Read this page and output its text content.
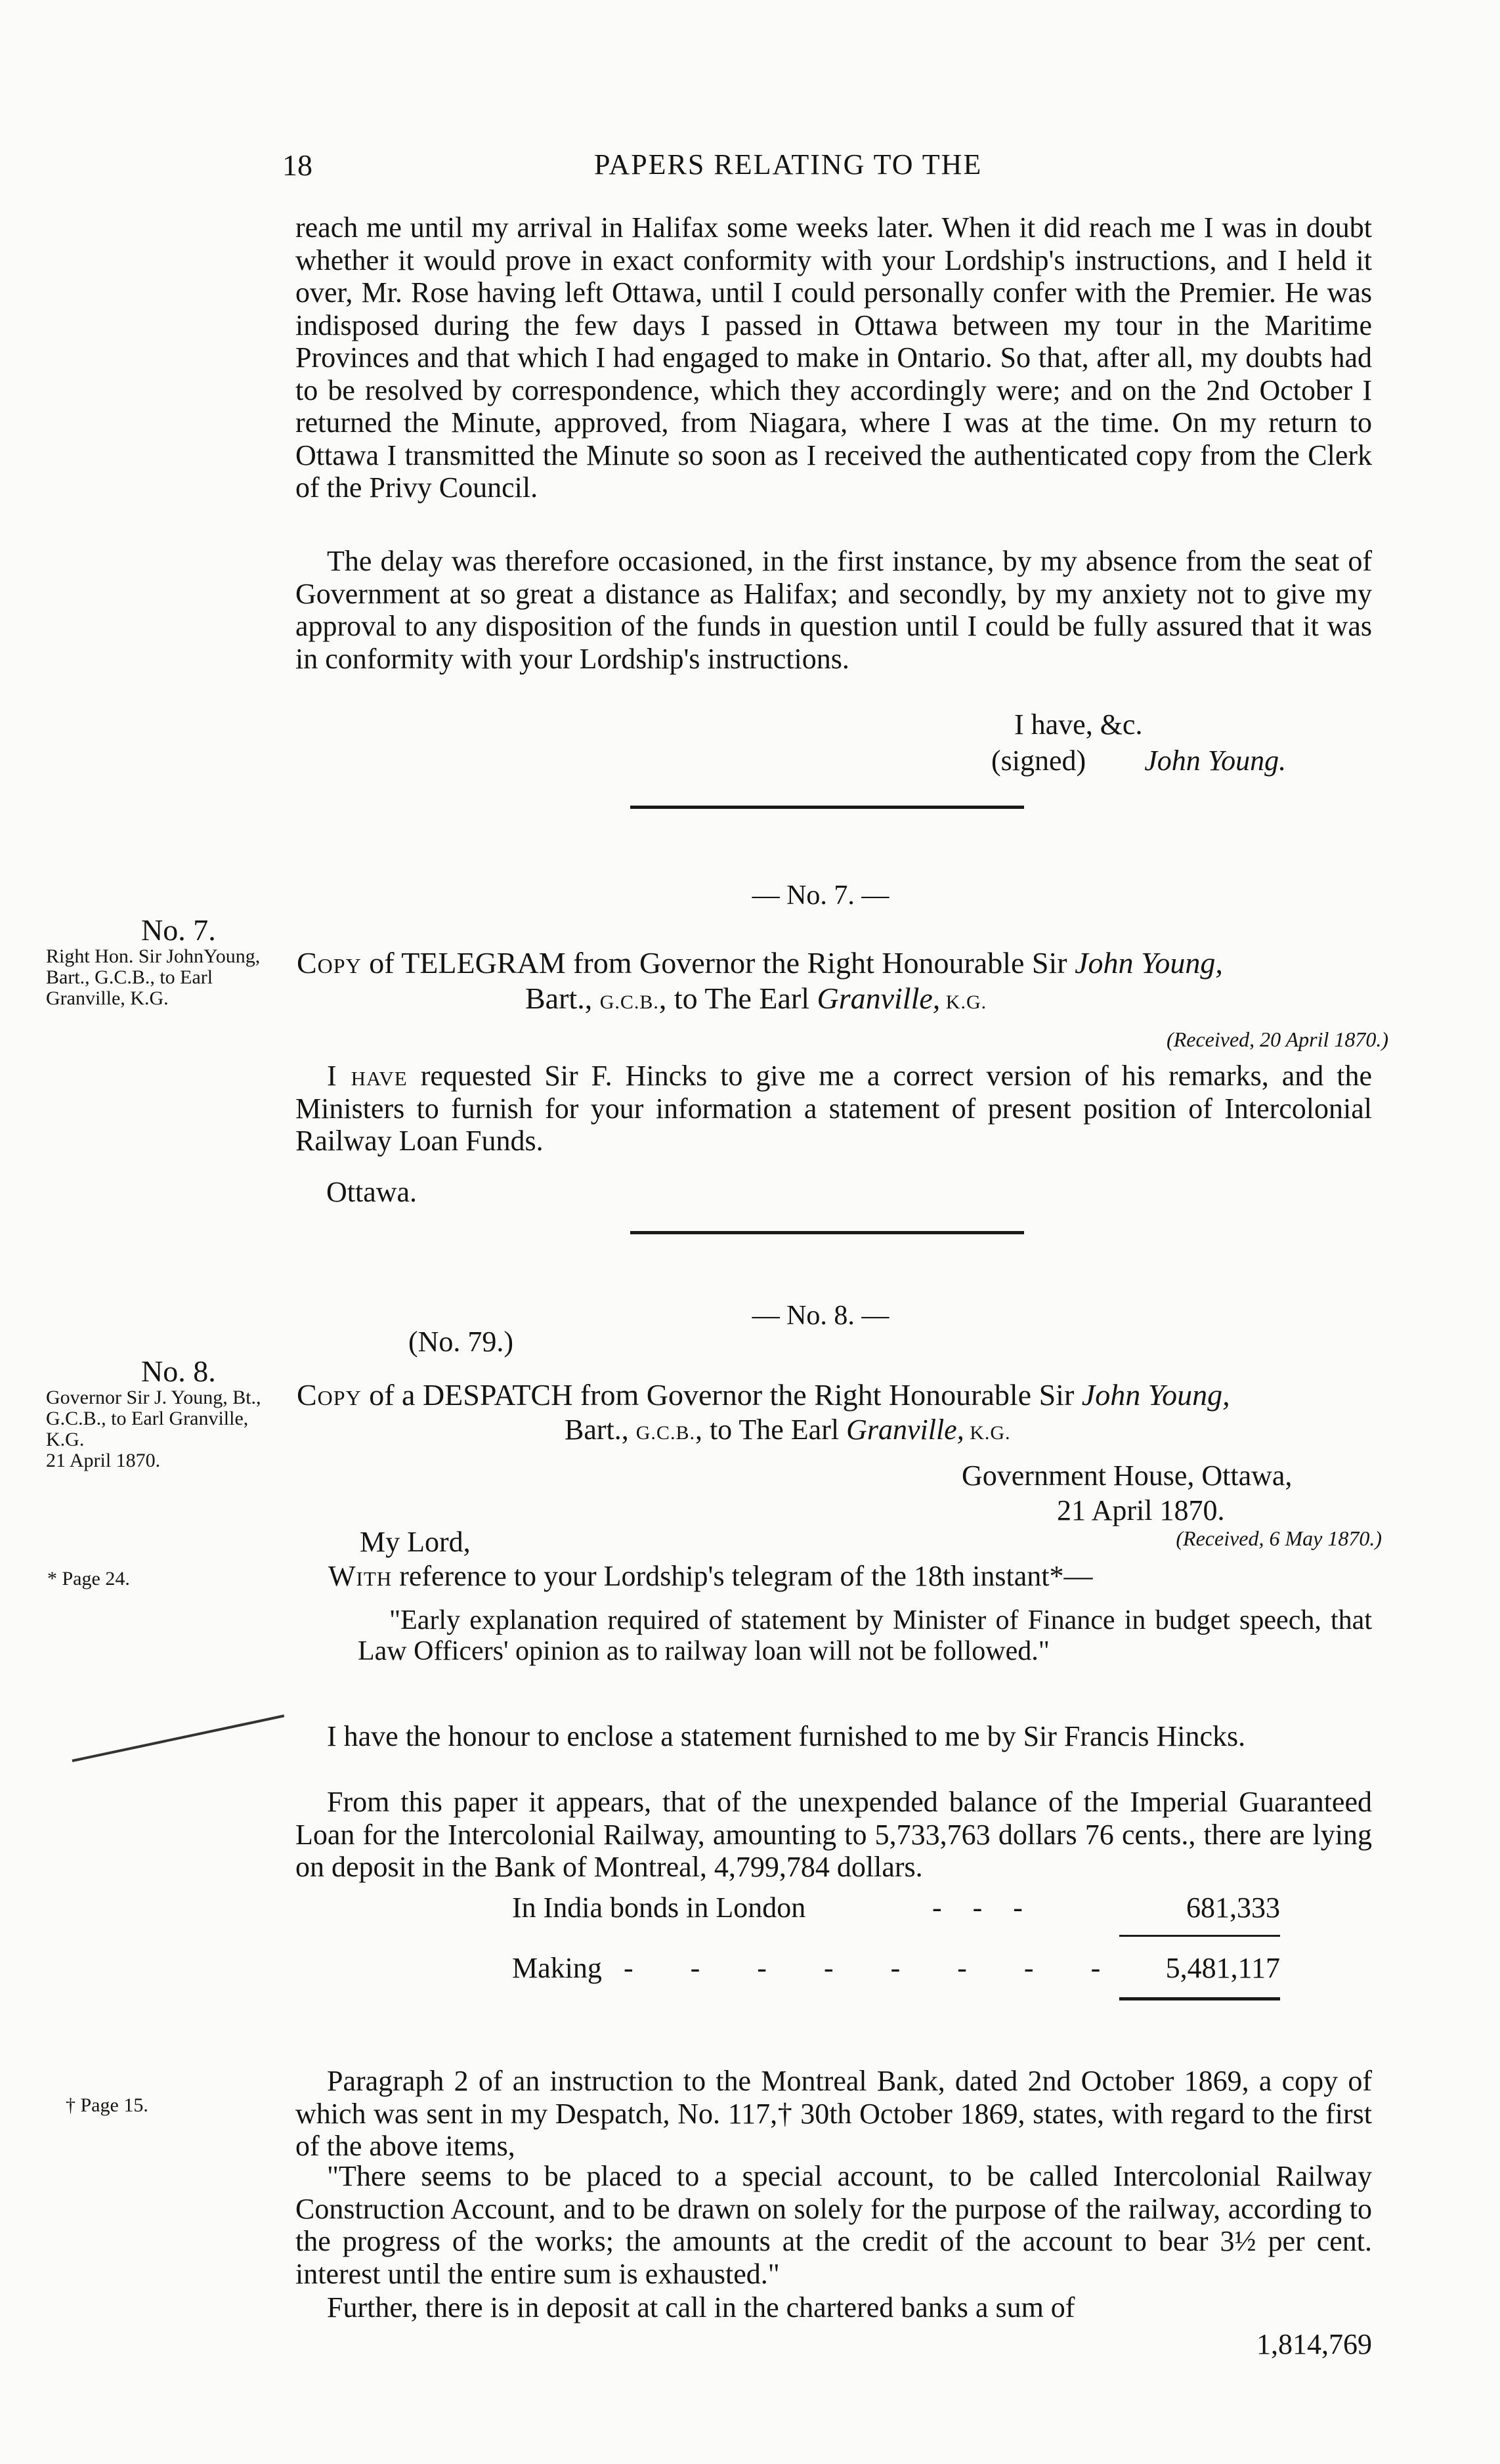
18	PAPERS RELATING TO THE

reach me until my arrival in Halifax some weeks later. When it did reach me I was in doubt whether it would prove in exact conformity with your Lordship's instructions, and I held it over, Mr. Rose having left Ottawa, until I could personally confer with the Premier. He was indisposed during the few days I passed in Ottawa between my tour in the Maritime Provinces and that which I had engaged to make in Ontario. So that, after all, my doubts had to be resolved by correspondence, which they accordingly were; and on the 2nd October I returned the Minute, approved, from Niagara, where I was at the time. On my return to Ottawa I transmitted the Minute so soon as I received the authenticated copy from the Clerk of the Privy Council.

The delay was therefore occasioned, in the first instance, by my absence from the seat of Government at so great a distance as Halifax; and secondly, by my anxiety not to give my approval to any disposition of the funds in question until I could be fully assured that it was in conformity with your Lordship's instructions.

I have, &c.
(signed) John Young.
— No. 7. —
No. 7.
Right Hon. Sir JohnYoung, Bart., G.C.B., to Earl Granville, K.G.
Copy of TELEGRAM from Governor the Right Honourable Sir John Young,
Bart., G.C.B., to The Earl Granville, K.G.
(Received, 20 April 1870.)

I have requested Sir F. Hincks to give me a correct version of his remarks, and the Ministers to furnish for your information a statement of present position of Intercolonial Railway Loan Funds.

Ottawa.
— No. 8. —
(No. 79.)
No. 8.
Governor Sir J. Young, Bt., G.C.B., to Earl Granville, K.G.
21 April 1870.
* Page 24.
Copy of a DESPATCH from Governor the Right Honourable Sir John Young,
Bart., G.C.B., to The Earl Granville, K.G.
Government House, Ottawa,
21 April 1870.
My Lord,	(Received, 6 May 1870.)
With reference to your Lordship's telegram of the 18th instant*—

"Early explanation required of statement by Minister of Finance in budget speech, that Law Officers' opinion as to railway loan will not be followed."

I have the honour to enclose a statement furnished to me by Sir Francis Hincks.

From this paper it appears, that of the unexpended balance of the Imperial Guaranteed Loan for the Intercolonial Railway, amounting to 5,733,763 dollars 76 cents., there are lying on deposit in the Bank of Montreal, 4,799,784 dollars.

In India bonds in London	- - -	681,333
Making - - - - - - - - 5,481,117
† Page 15.

Paragraph 2 of an instruction to the Montreal Bank, dated 2nd October 1869, a copy of which was sent in my Despatch, No. 117,† 30th October 1869, states, with regard to the first of the above items,

"There seems to be placed to a special account, to be called Intercolonial Railway Construction Account, and to be drawn on solely for the purpose of the railway, according to the progress of the works; the amounts at the credit of the account to bear 3½ per cent. interest until the entire sum is exhausted."

Further, there is in deposit at call in the chartered banks a sum of

1,814,769
